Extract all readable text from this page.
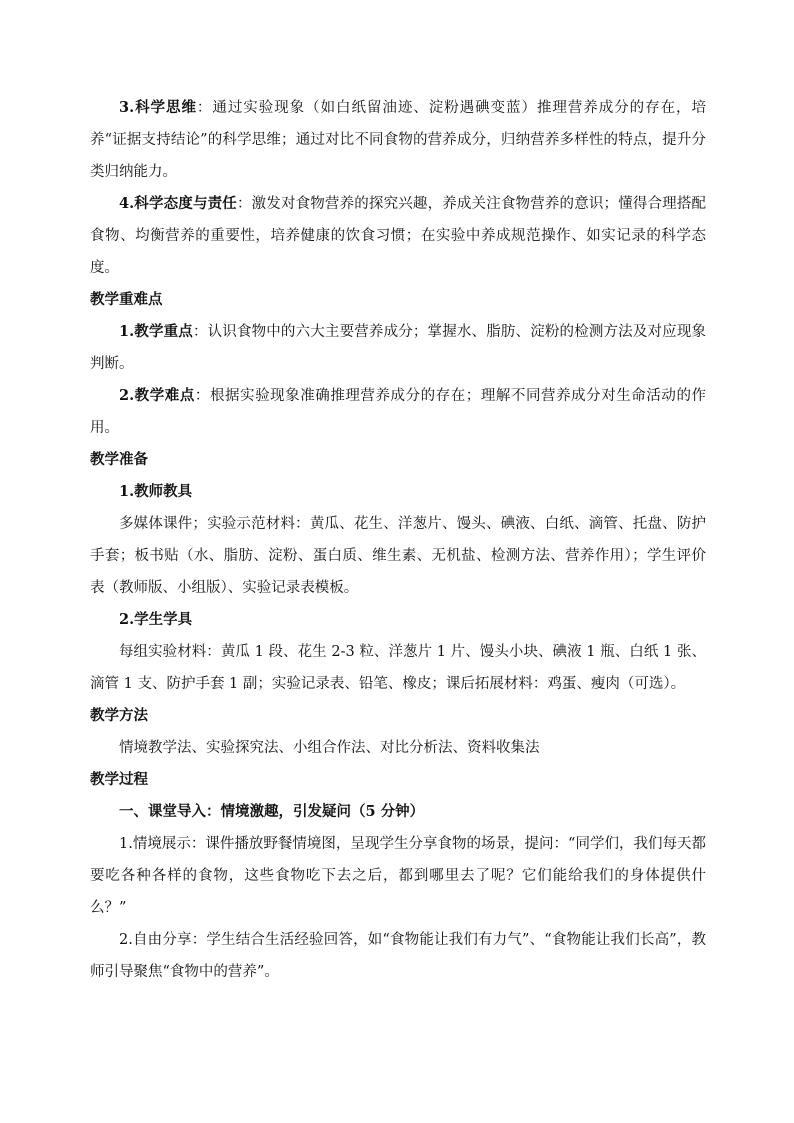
3.科学思维：通过实验现象（如白纸留油迹、淀粉遇碘变蓝）推理营养成分的存在，培养“证据支持结论”的科学思维；通过对比不同食物的营养成分，归纳营养多样性的特点，提升分类归纳能力。

4.科学态度与责任：激发对食物营养的探究兴趣，养成关注食物营养的意识；懂得合理搭配食物、均衡营养的重要性，培养健康的饮食习惯；在实验中养成规范操作、如实记录的科学态度。

教学重难点

1.教学重点：认识食物中的六大主要营养成分；掌握水、脂肪、淀粉的检测方法及对应现象判断。

2.教学难点：根据实验现象准确推理营养成分的存在；理解不同营养成分对生命活动的作用。

教学准备

1.教师教具

多媒体课件；实验示范材料：黄瓜、花生、洋葱片、馒头、碘液、白纸、滴管、托盘、防护手套；板书贴（水、脂肪、淀粉、蛋白质、维生素、无机盐、检测方法、营养作用）；学生评价表（教师版、小组版）、实验记录表模板。

2.学生学具

每组实验材料：黄瓜 1 段、花生 2-3 粒、洋葱片 1 片、馒头小块、碘液 1 瓶、白纸 1 张、滴管 1 支、防护手套 1 副；实验记录表、铅笔、橡皮；课后拓展材料：鸡蛋、瘦肉（可选）。

教学方法

情境教学法、实验探究法、小组合作法、对比分析法、资料收集法

教学过程

一、课堂导入：情境激趣，引发疑问（5 分钟）

1.情境展示：课件播放野餐情境图，呈现学生分享食物的场景，提问：“同学们，我们每天都要吃各种各样的食物，这些食物吃下去之后，都到哪里去了呢？它们能给我们的身体提供什么？”

2.自由分享：学生结合生活经验回答，如“食物能让我们有力气”、“食物能让我们长高”，教师引导聚焦“食物中的营养”。
